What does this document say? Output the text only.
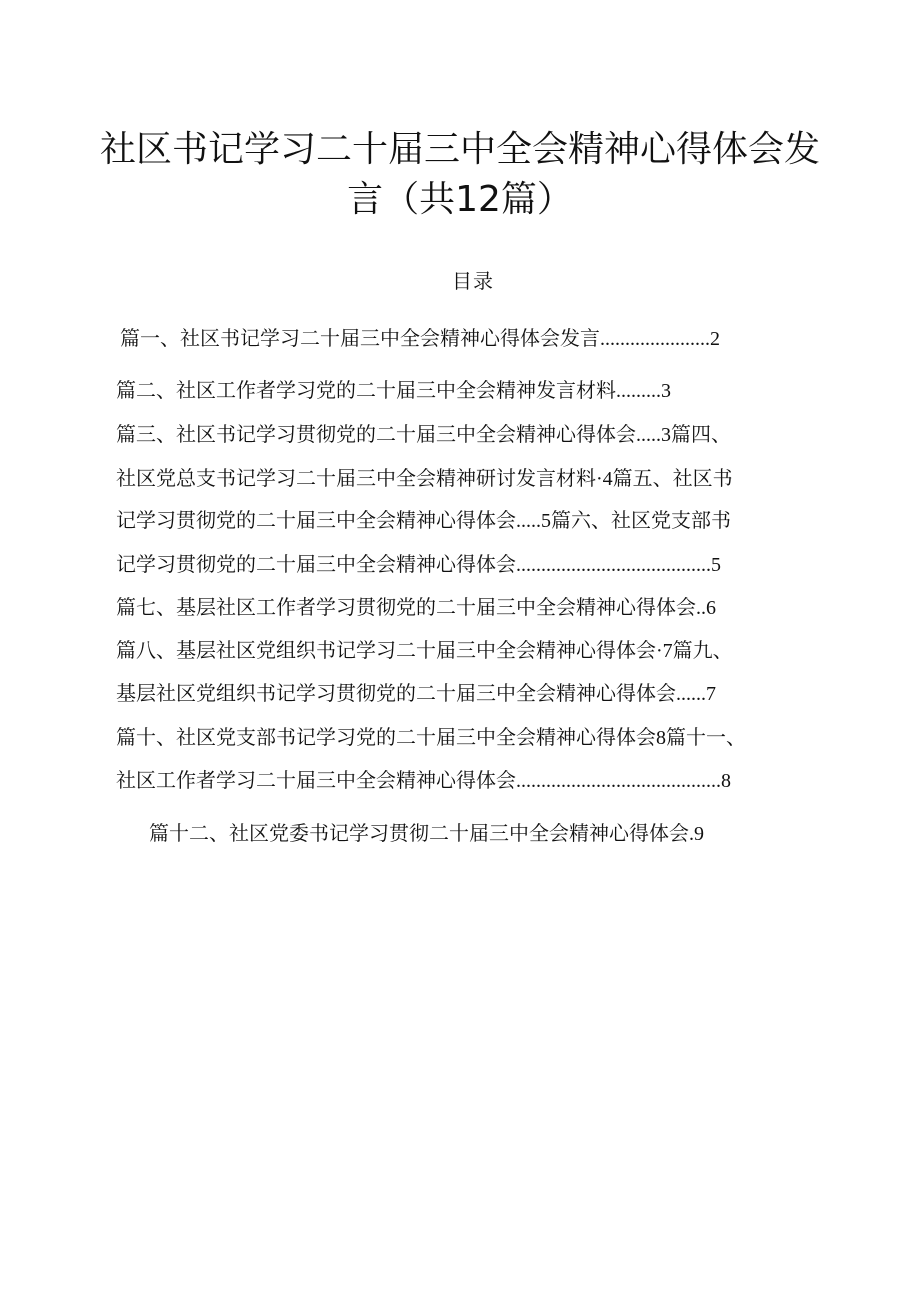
社区书记学习二十届三中全会精神心得体会发
言（共12篇）
目录
篇一、社区书记学习二十届三中全会精神心得体会发言......................2
篇二、社区工作者学习党的二十届三中全会精神发言材料.........3
篇三、社区书记学习贯彻党的二十届三中全会精神心得体会.....3篇四、
社区党总支书记学习二十届三中全会精神研讨发言材料·4篇五、社区书
记学习贯彻党的二十届三中全会精神心得体会.....5篇六、社区党支部书
记学习贯彻党的二十届三中全会精神心得体会.......................................5
篇七、基层社区工作者学习贯彻党的二十届三中全会精神心得体会..6
篇八、基层社区党组织书记学习二十届三中全会精神心得体会·7篇九、
基层社区党组织书记学习贯彻党的二十届三中全会精神心得体会......7
篇十、社区党支部书记学习党的二十届三中全会精神心得体会8篇十一、
社区工作者学习二十届三中全会精神心得体会.........................................8
篇十二、社区党委书记学习贯彻二十届三中全会精神心得体会.9
